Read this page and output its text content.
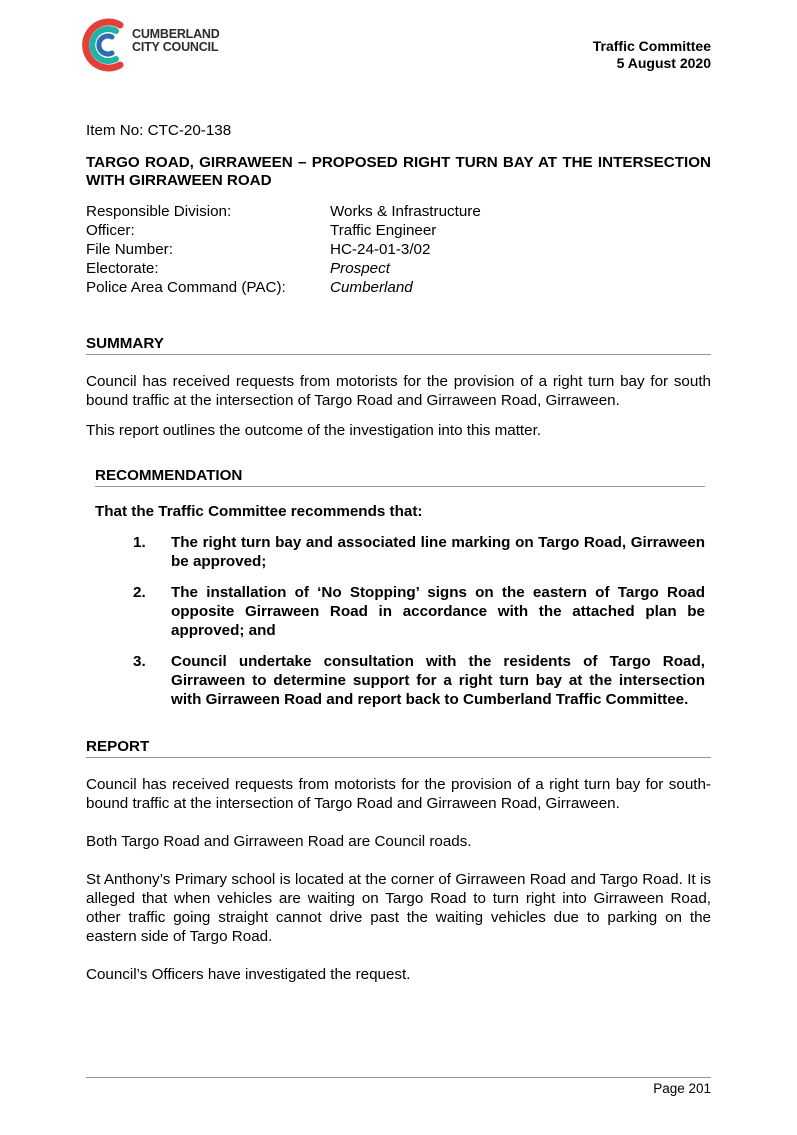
CUMBERLAND
CITY COUNCIL	Traffic Committee
5 August 2020

Item No: CTC-20-138

TARGO ROAD, GIRRAWEEN – PROPOSED RIGHT TURN BAY AT THE INTERSECTION WITH GIRRAWEEN ROAD

Responsible Division:	Works & Infrastructure
Officer:	Traffic Engineer
File Number:	HC-24-01-3/02
Electorate:	Prospect
Police Area Command (PAC):	Cumberland

SUMMARY

Council has received requests from motorists for the provision of a right turn bay for south bound traffic at the intersection of Targo Road and Girraween Road, Girraween.

This report outlines the outcome of the investigation into this matter.

RECOMMENDATION

That the Traffic Committee recommends that:

1.	The right turn bay and associated line marking on Targo Road, Girraween be approved;
2.	The installation of ‘No Stopping’ signs on the eastern of Targo Road opposite Girraween Road in accordance with the attached plan be approved; and
3.	Council undertake consultation with the residents of Targo Road, Girraween to determine support for a right turn bay at the intersection with Girraween Road and report back to Cumberland Traffic Committee.

REPORT

Council has received requests from motorists for the provision of a right turn bay for south-bound traffic at the intersection of Targo Road and Girraween Road, Girraween.

Both Targo Road and Girraween Road are Council roads.

St Anthony’s Primary school is located at the corner of Girraween Road and Targo Road. It is alleged that when vehicles are waiting on Targo Road to turn right into Girraween Road, other traffic going straight cannot drive past the waiting vehicles due to parking on the eastern side of Targo Road.

Council’s Officers have investigated the request.

Page 201
